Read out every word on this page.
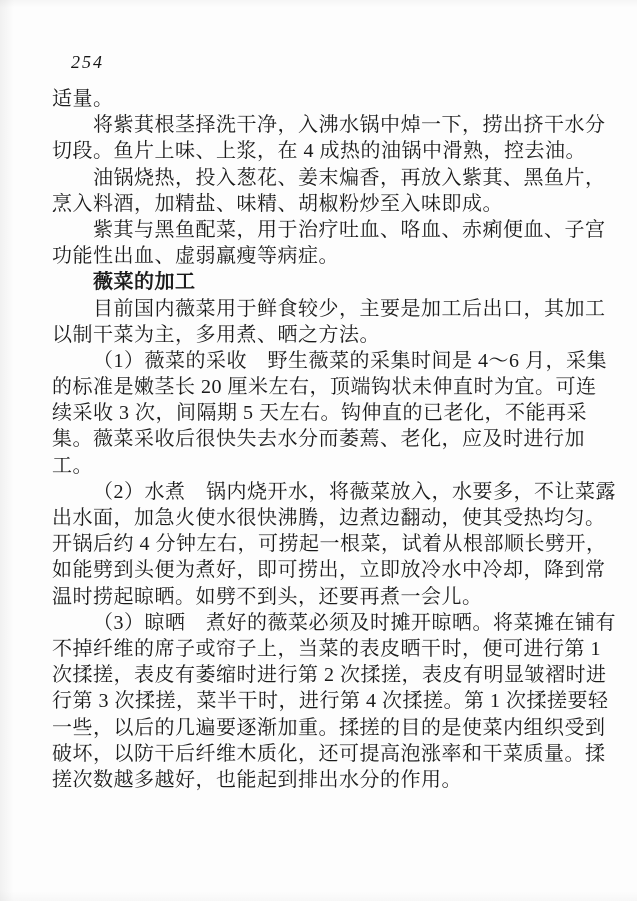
254
适量。
将紫萁根茎择洗干净，入沸水锅中焯一下，捞出挤干水分
切段。鱼片上味、上浆，在 4 成热的油锅中滑熟，控去油。
油锅烧热，投入葱花、姜末煸香，再放入紫萁、黑鱼片，
烹入料酒，加精盐、味精、胡椒粉炒至入味即成。
紫萁与黑鱼配菜，用于治疗吐血、咯血、赤痢便血、子宫
功能性出血、虚弱羸瘦等病症。
薇菜的加工
目前国内薇菜用于鲜食较少，主要是加工后出口，其加工
以制干菜为主，多用煮、晒之方法。
（1）薇菜的采收　野生薇菜的采集时间是 4～6 月，采集
的标准是嫩茎长 20 厘米左右，顶端钩状未伸直时为宜。可连
续采收 3 次，间隔期 5 天左右。钩伸直的已老化，不能再采
集。薇菜采收后很快失去水分而萎蔫、老化，应及时进行加
工。
（2）水煮　锅内烧开水，将薇菜放入，水要多，不让菜露
出水面，加急火使水很快沸腾，边煮边翻动，使其受热均匀。
开锅后约 4 分钟左右，可捞起一根菜，试着从根部顺长劈开，
如能劈到头便为煮好，即可捞出，立即放冷水中冷却，降到常
温时捞起晾晒。如劈不到头，还要再煮一会儿。
（3）晾晒　煮好的薇菜必须及时摊开晾晒。将菜摊在铺有
不掉纤维的席子或帘子上，当菜的表皮晒干时，便可进行第 1
次揉搓，表皮有萎缩时进行第 2 次揉搓，表皮有明显皱褶时进
行第 3 次揉搓，菜半干时，进行第 4 次揉搓。第 1 次揉搓要轻
一些，以后的几遍要逐渐加重。揉搓的目的是使菜内组织受到
破坏，以防干后纤维木质化，还可提高泡涨率和干菜质量。揉
搓次数越多越好，也能起到排出水分的作用。
